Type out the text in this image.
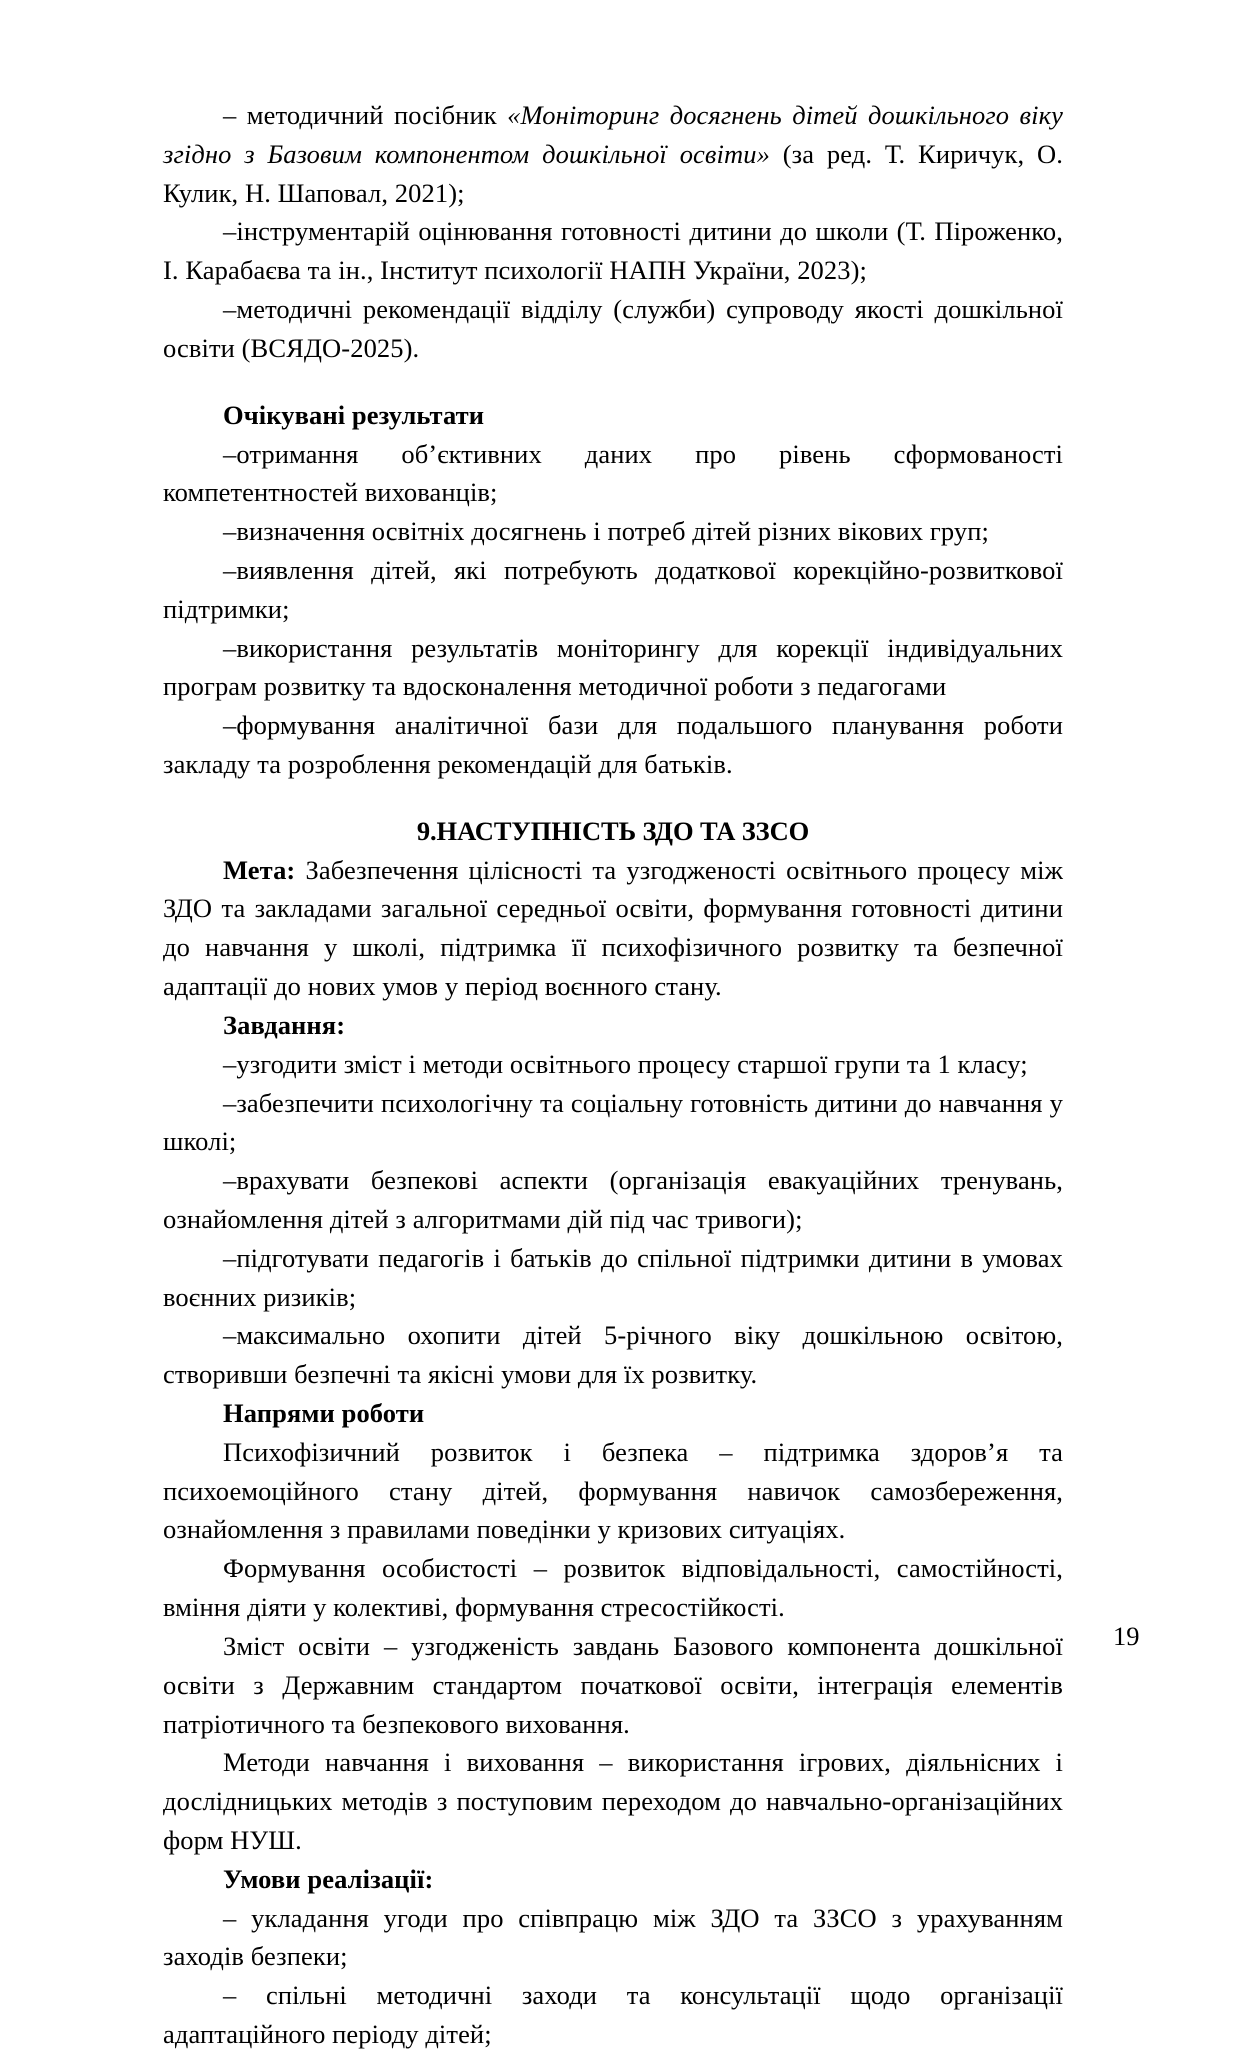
– методичний посібник «Моніторинг досягнень дітей дошкільного віку згідно з Базовим компонентом дошкільної освіти» (за ред. Т. Киричук, О. Кулик, Н. Шаповал, 2021);

–інструментарій оцінювання готовності дитини до школи (Т. Піроженко, І. Карабаєва та ін., Інститут психології НАПН України, 2023);

–методичні рекомендації відділу (служби) супроводу якості дошкільної освіти (ВСЯДО-2025).

Очікувані результати

–отримання об’єктивних даних про рівень сформованості компетентностей вихованців;

–визначення освітніх досягнень і потреб дітей різних вікових груп;

–виявлення дітей, які потребують додаткової корекційно-розвиткової підтримки;

–використання результатів моніторингу для корекції індивідуальних програм розвитку та вдосконалення методичної роботи з педагогами

–формування аналітичної бази для подальшого планування роботи закладу та розроблення рекомендацій для батьків.

9.НАСТУПНІСТЬ ЗДО ТА ЗЗСО

Мета: Забезпечення цілісності та узгодженості освітнього процесу між ЗДО та закладами загальної середньої освіти, формування готовності дитини до навчання у школі, підтримка її психофізичного розвитку та безпечної адаптації до нових умов у період воєнного стану.

Завдання:

–узгодити зміст і методи освітнього процесу старшої групи та 1 класу;

–забезпечити психологічну та соціальну готовність дитини до навчання у школі;

–врахувати безпекові аспекти (організація евакуаційних тренувань, ознайомлення дітей з алгоритмами дій під час тривоги);

–підготувати педагогів і батьків до спільної підтримки дитини в умовах воєнних ризиків;

–максимально охопити дітей 5-річного віку дошкільною освітою, створивши безпечні та якісні умови для їх розвитку.

Напрями роботи

Психофізичний розвиток і безпека – підтримка здоров’я та психоемоційного стану дітей, формування навичок самозбереження, ознайомлення з правилами поведінки у кризових ситуаціях.

Формування особистості – розвиток відповідальності, самостійності, вміння діяти у колективі, формування стресостійкості.

Зміст освіти – узгодженість завдань Базового компонента дошкільної освіти з Державним стандартом початкової освіти, інтеграція елементів патріотичного та безпекового виховання.

Методи навчання і виховання – використання ігрових, діяльнісних і дослідницьких методів з поступовим переходом до навчально-організаційних форм НУШ.

Умови реалізації:

– укладання угоди про співпрацю між ЗДО та ЗЗСО з урахуванням заходів безпеки;

– спільні методичні заходи та консультації щодо організації адаптаційного періоду дітей;

19
